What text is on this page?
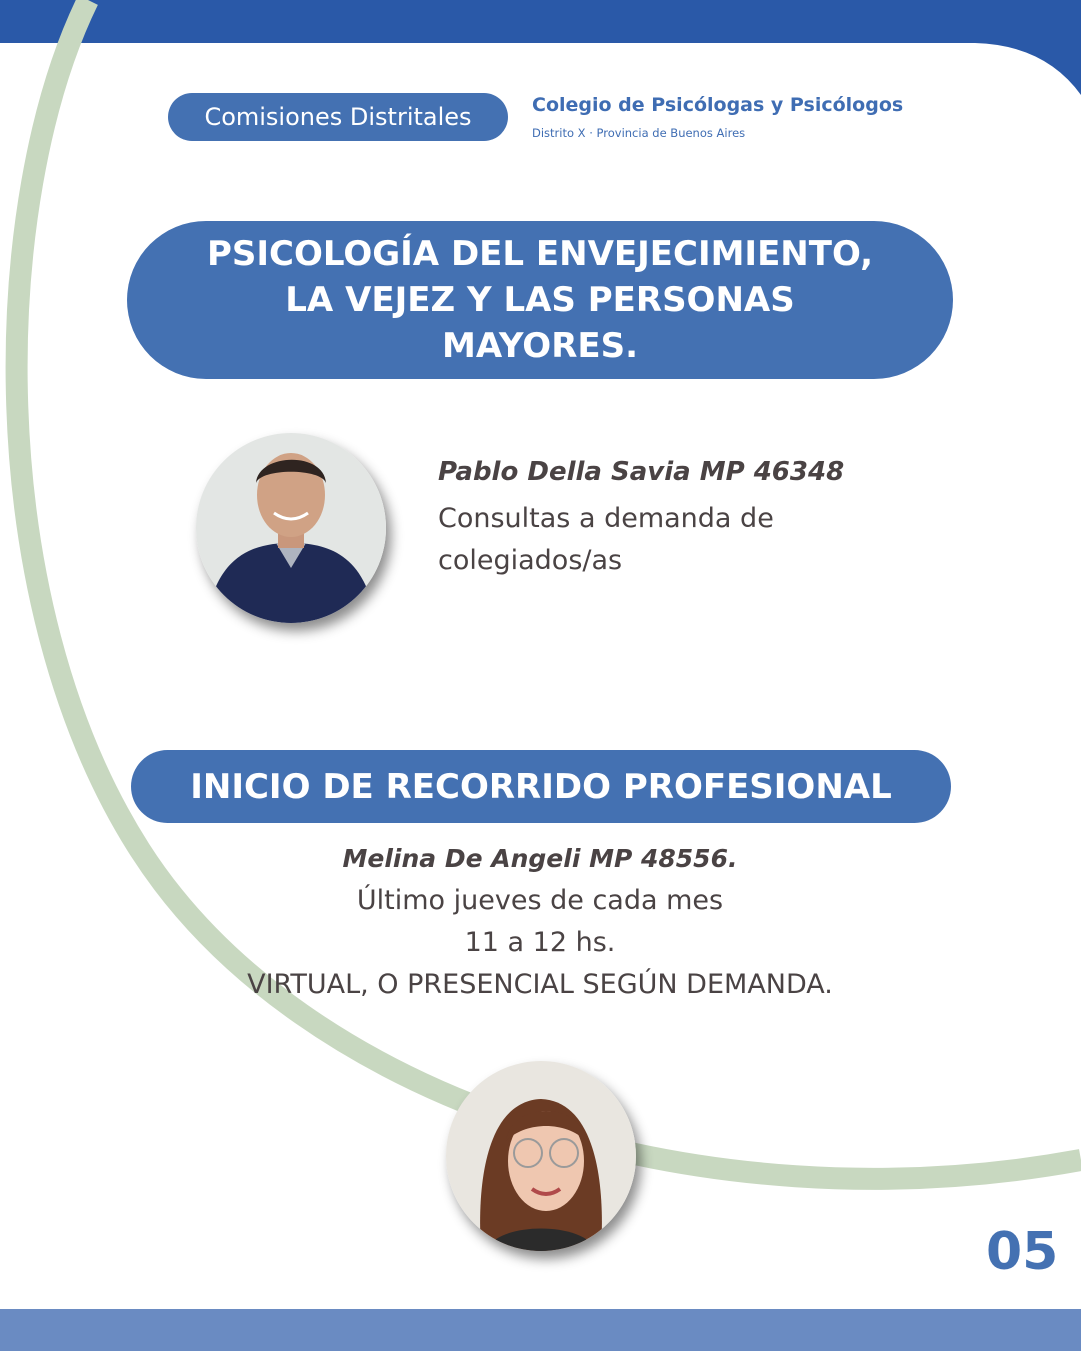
Comisiones Distritales	Colegio de Psicólogas y Psicólogos
Distrito X · Provincia de Buenos Aires
PSICOLOGÍA DEL ENVEJECIMIENTO,
LA VEJEZ Y LAS PERSONAS
MAYORES.
Pablo Della Savia MP 46348
Consultas a demanda de colegiados/as
INICIO DE RECORRIDO PROFESIONAL
Melina De Angeli MP 48556.
Último jueves de cada mes
11 a 12 hs.
VIRTUAL, O PRESENCIAL SEGÚN DEMANDA.
05
